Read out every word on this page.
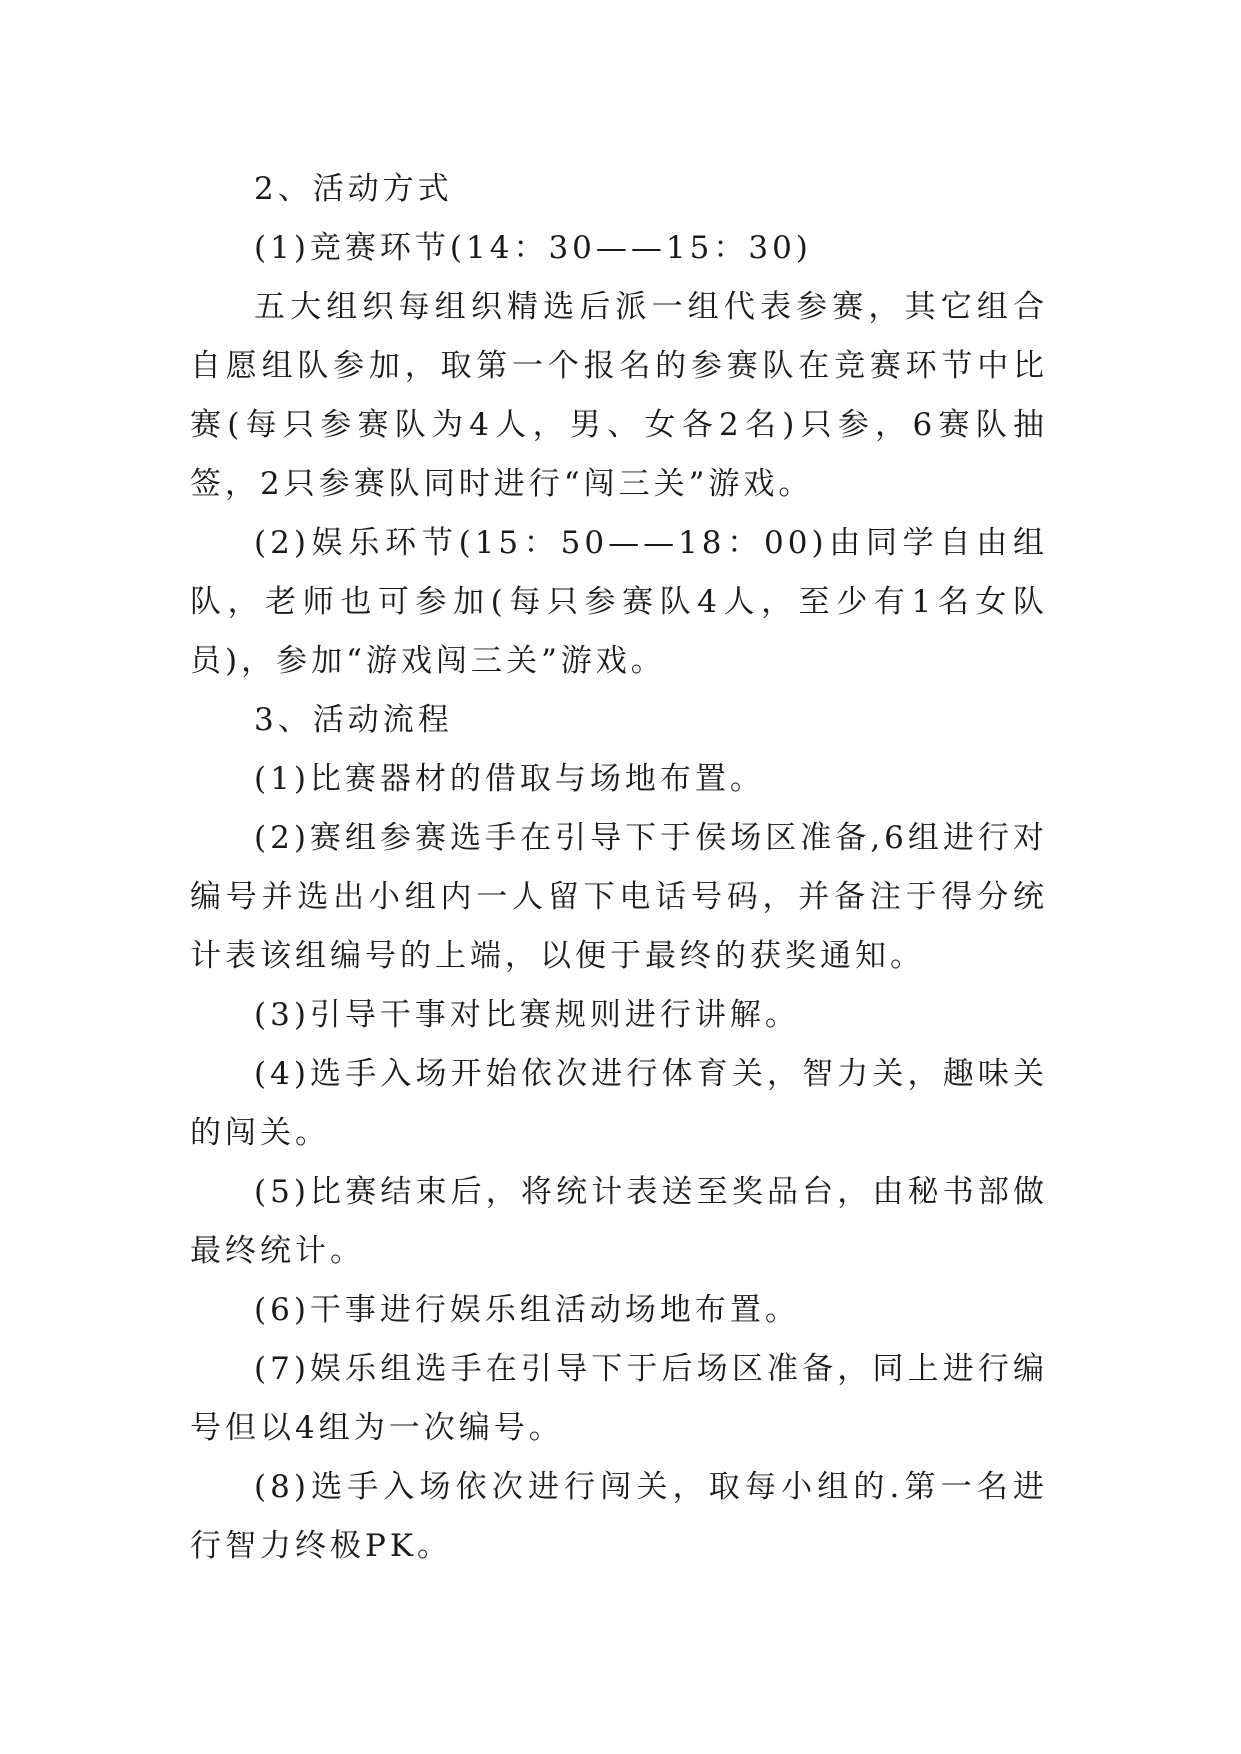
2、活动方式

(1)竞赛环节(14：30——15：30)

五大组织每组织精选后派一组代表参赛，其它组合自愿组队参加，取第一个报名的参赛队在竞赛环节中比赛(每只参赛队为4人，男、女各2名)只参，6赛队抽签，2只参赛队同时进行“闯三关”游戏。

(2)娱乐环节(15：50——18：00)由同学自由组队，老师也可参加(每只参赛队4人，至少有1名女队员)，参加“游戏闯三关”游戏。

3、活动流程

(1)比赛器材的借取与场地布置。

(2)赛组参赛选手在引导下于侯场区准备,6组进行对编号并选出小组内一人留下电话号码，并备注于得分统计表该组编号的上端，以便于最终的获奖通知。

(3)引导干事对比赛规则进行讲解。

(4)选手入场开始依次进行体育关，智力关，趣味关的闯关。

(5)比赛结束后，将统计表送至奖品台，由秘书部做最终统计。

(6)干事进行娱乐组活动场地布置。

(7)娱乐组选手在引导下于后场区准备，同上进行编号但以4组为一次编号。

(8)选手入场依次进行闯关，取每小组的.第一名进行智力终极PK。
